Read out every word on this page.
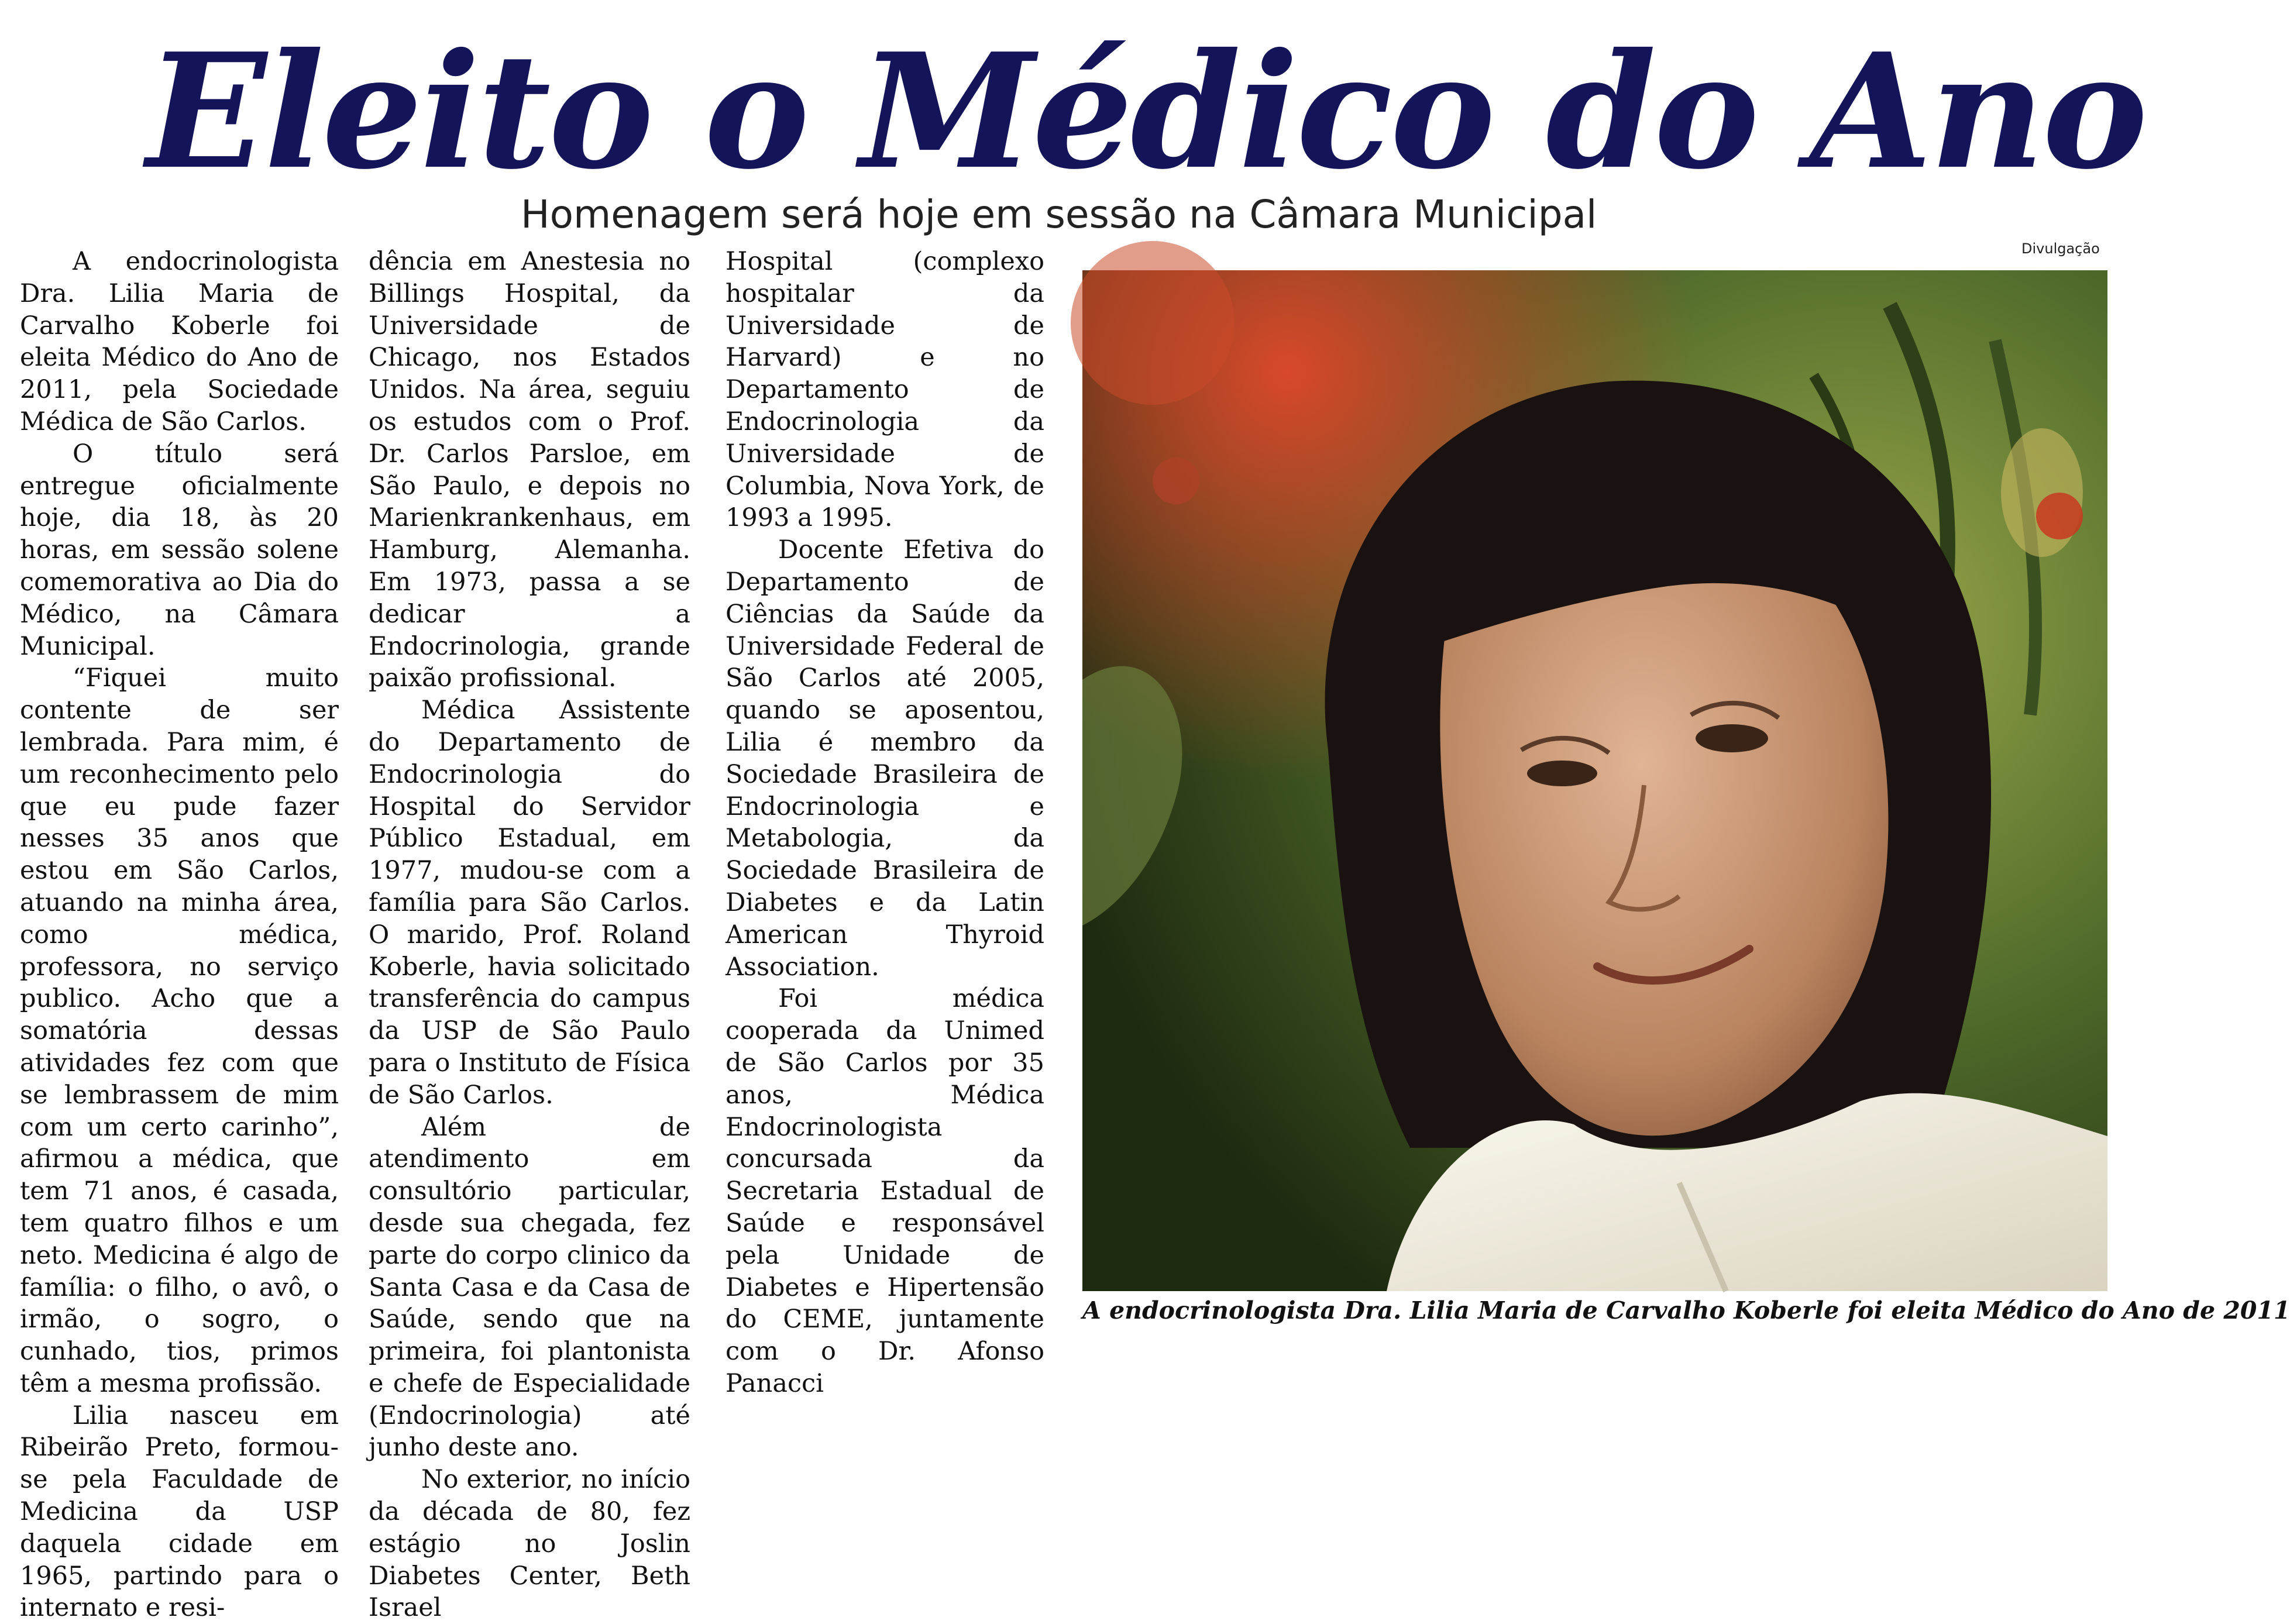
Eleito o Médico do Ano
Homenagem será hoje em sessão na Câmara Municipal

A endocrinologista Dra. Lilia Maria de Carvalho Koberle foi eleita Médico do Ano de 2011, pela Sociedade Médica de São Carlos.

O título será entregue oficialmente hoje, dia 18, às 20 horas, em sessão solene comemorativa ao Dia do Médico, na Câmara Municipal.

“Fiquei muito contente de ser lembrada. Para mim, é um reconhecimento pelo que eu pude fazer nesses 35 anos que estou em São Carlos, atuando na minha área, como médica, professora, no serviço publico. Acho que a somatória dessas atividades fez com que se lembrassem de mim com um certo carinho”, afirmou a médica, que tem 71 anos, é casada, tem quatro filhos e um neto. Medicina é algo de família: o filho, o avô, o irmão, o sogro, o cunhado, tios, primos têm a mesma profissão.

Lilia nasceu em Ribeirão Preto, formou-se pela Faculdade de Medicina da USP daquela cidade em 1965, partindo para o internato e resi-

dência em Anestesia no Billings Hospital, da Universidade de Chicago, nos Estados Unidos. Na área, seguiu os estudos com o Prof. Dr. Carlos Parsloe, em São Paulo, e depois no Marienkrankenhaus, em Hamburg, Alemanha. Em 1973, passa a se dedicar a Endocrinologia, grande paixão profissional.

Médica Assistente do Departamento de Endocrinologia do Hospital do Servidor Público Estadual, em 1977, mudou-se com a família para São Carlos. O marido, Prof. Roland Koberle, havia solicitado transferência do campus da USP de São Paulo para o Instituto de Física de São Carlos.

Além de atendimento em consultório particular, desde sua chegada, fez parte do corpo clinico da Santa Casa e da Casa de Saúde, sendo que na primeira, foi plantonista e chefe de Especialidade (Endocrinologia) até junho deste ano.

No exterior, no início da década de 80, fez estágio no Joslin Diabetes Center, Beth Israel

Hospital (complexo hospitalar da Universidade de Harvard) e no Departamento de Endocrinologia da Universidade de Columbia, Nova York, de 1993 a 1995.

Docente Efetiva do Departamento de Ciências da Saúde da Universidade Federal de São Carlos até 2005, quando se aposentou, Lilia é membro da Sociedade Brasileira de Endocrinologia e Metabologia, da Sociedade Brasileira de Diabetes e da Latin American Thyroid Association.

Foi médica cooperada da Unimed de São Carlos por 35 anos, Médica Endocrinologista concursada da Secretaria Estadual de Saúde e responsável pela Unidade de Diabetes e Hipertensão do CEME, juntamente com o Dr. Afonso Panacci

Divulgação
A endocrinologista Dra. Lilia Maria de Carvalho Koberle foi eleita Médico do Ano de 2011
